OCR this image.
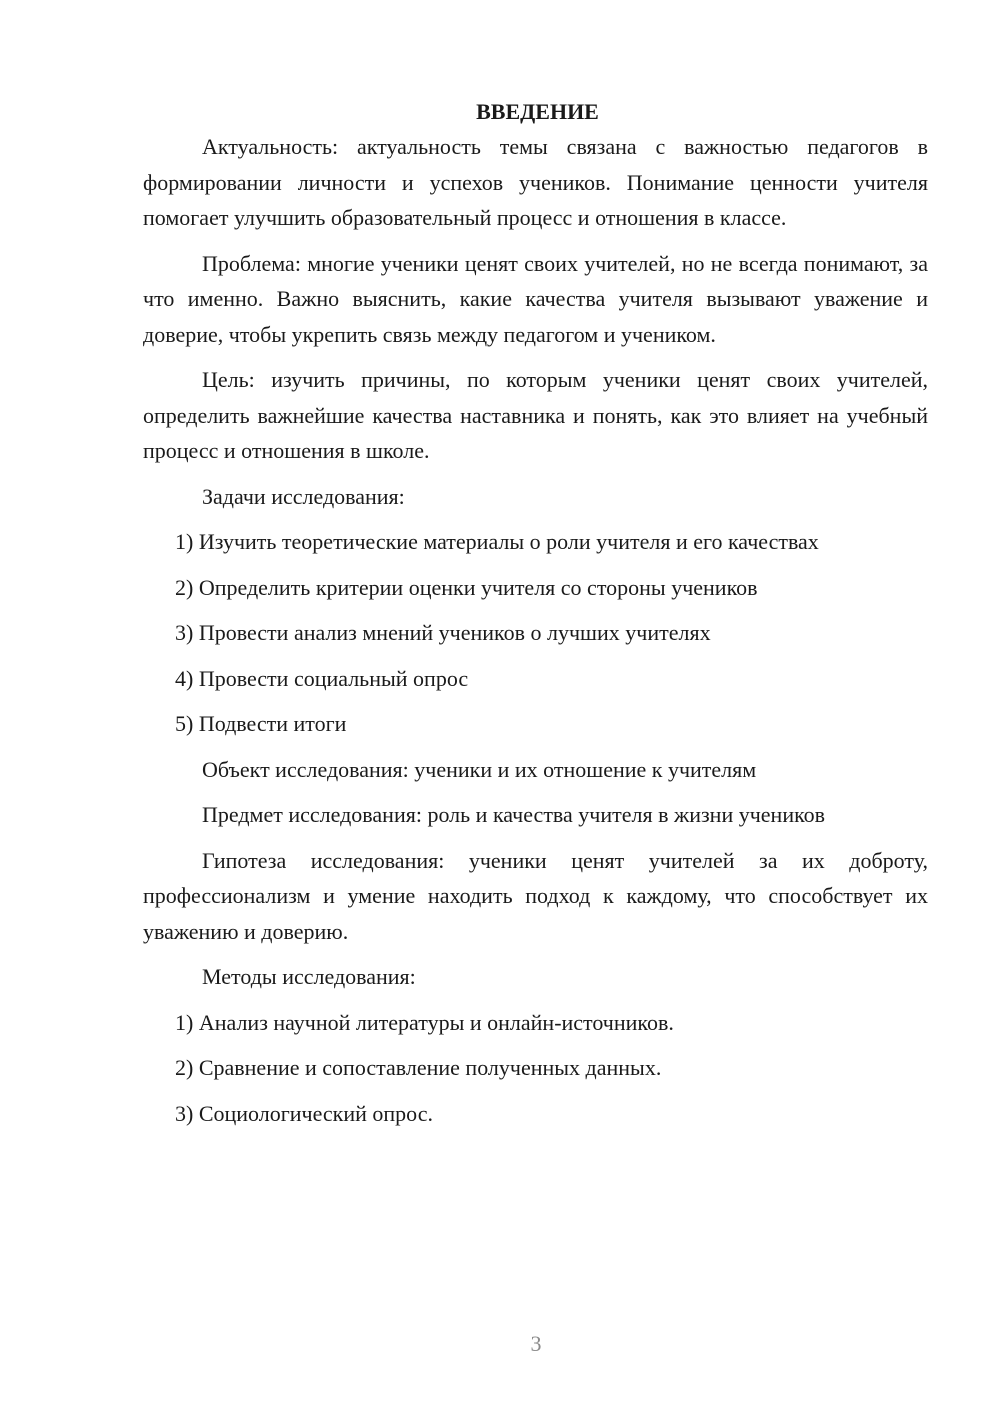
ВВЕДЕНИЕ

Актуальность: актуальность темы связана с важностью педагогов в формировании личности и успехов учеников. Понимание ценности учителя помогает улучшить образовательный процесс и отношения в классе.

Проблема: многие ученики ценят своих учителей, но не всегда понимают, за что именно. Важно выяснить, какие качества учителя вызывают уважение и доверие, чтобы укрепить связь между педагогом и учеником.

Цель: изучить причины, по которым ученики ценят своих учителей, определить важнейшие качества наставника и понять, как это влияет на учебный процесс и отношения в школе.

Задачи исследования:

1) Изучить теоретические материалы о роли учителя и его качествах
2) Определить критерии оценки учителя со стороны учеников
3) Провести анализ мнений учеников о лучших учителях
4) Провести социальный опрос
5) Подвести итоги

Объект исследования: ученики и их отношение к учителям

Предмет исследования: роль и качества учителя в жизни учеников

Гипотеза исследования: ученики ценят учителей за их доброту, профессионализм и умение находить подход к каждому, что способствует их уважению и доверию.

Методы исследования:

1) Анализ научной литературы и онлайн-источников.
2) Сравнение и сопоставление полученных данных.
3) Социологический опрос.
3
